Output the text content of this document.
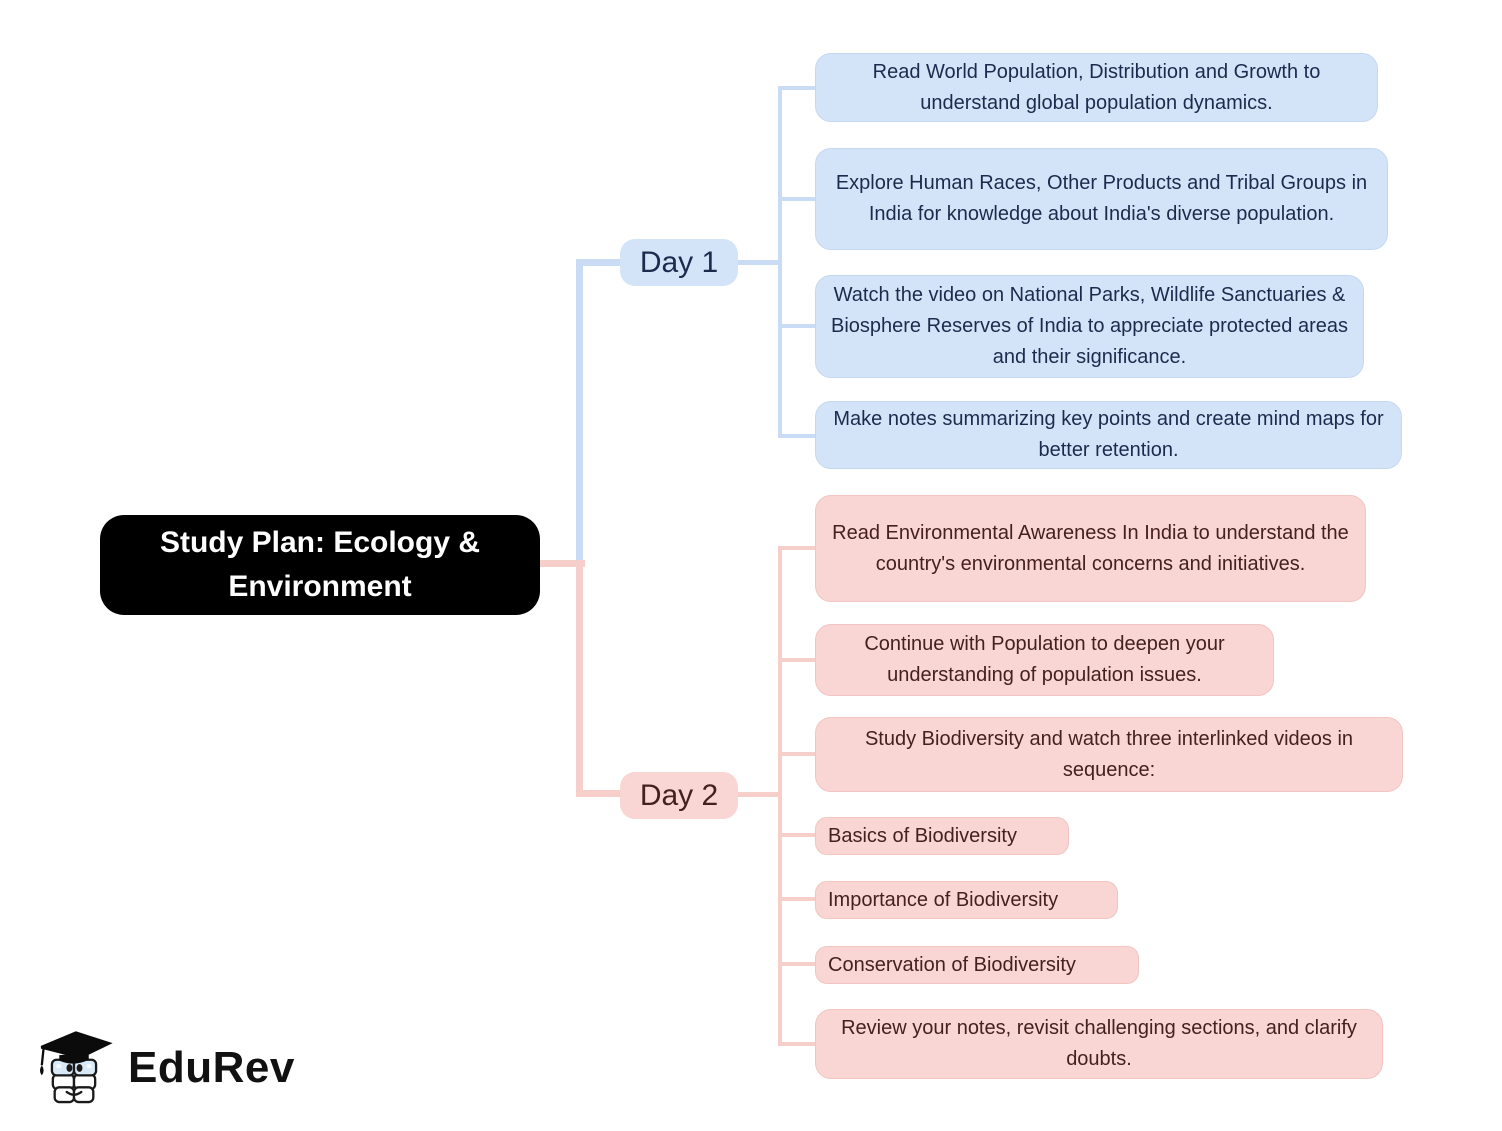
Study Plan: Ecology & Environment
Day 1
Day 2
Read World Population, Distribution and Growth to understand global population dynamics.
Explore Human Races, Other Products and Tribal Groups in India for knowledge about India's diverse population.
Watch the video on National Parks, Wildlife Sanctuaries & Biosphere Reserves of India to appreciate protected areas and their significance.
Make notes summarizing key points and create mind maps for better retention.
Read Environmental Awareness In India to understand the country's environmental concerns and initiatives.
Continue with Population to deepen your understanding of population issues.
Study Biodiversity and watch three interlinked videos in sequence:
Basics of Biodiversity
Importance of Biodiversity
Conservation of Biodiversity
Review your notes, revisit challenging sections, and clarify doubts.
EduRev
